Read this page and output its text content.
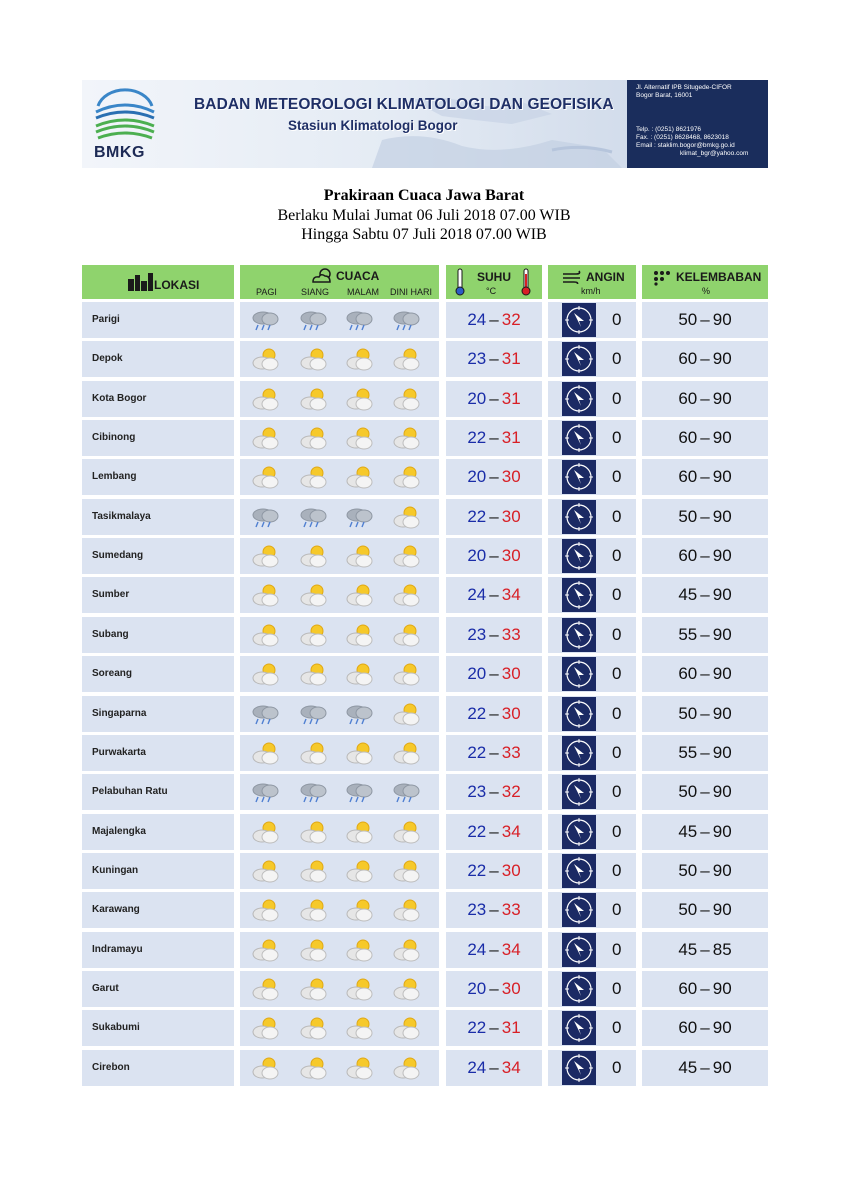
BMKG
BADAN METEOROLOGI KLIMATOLOGI DAN GEOFISIKA
Stasiun Klimatologi Bogor
Jl. Alternatif IPB Situgede-CIFOR
Bogor Barat, 16001
Telp. : (0251) 8621976
Fax. : (0251) 8628468, 8623018
Email : staklim.bogor@bmkg.go.id
klimat_bgr@yahoo.com
Prakiraan Cuaca Jawa Barat
Berlaku Mulai Jumat 06 Juli 2018 07.00 WIB
Hingga Sabtu 07 Juli 2018 07.00 WIB
LOKASI
CUACA
PAGI	SIANG MALAM DINI HARI
SUHU
°C
ANGIN
km/h
KELEMBABAN
%
Parigi	24 – 32	0	50–90
Depok	23 – 31	0	60–90
Kota Bogor	20 – 31	0	60–90
Cibinong	22 – 31	0	60–90
Lembang	20 – 30	0	60–90
Tasikmalaya	22 – 30	0	50–90
Sumedang	20 – 30	0	60–90
Sumber	24 – 34	0	45–90
Subang	23 – 33	0	55–90
Soreang	20 – 30	0	60–90
Singaparna	22 – 30	0	50–90
Purwakarta	22 – 33	0	55–90
Pelabuhan Ratu	23 – 32	0	50–90
Majalengka	22 – 34	0	45–90
Kuningan	22 – 30	0	50–90
Karawang	23 – 33	0	50–90
Indramayu	24 – 34	0	45–85
Garut	20 – 30	0	60–90
Sukabumi	22 – 31	0	60–90
Cirebon	24 – 34	0	45–90
